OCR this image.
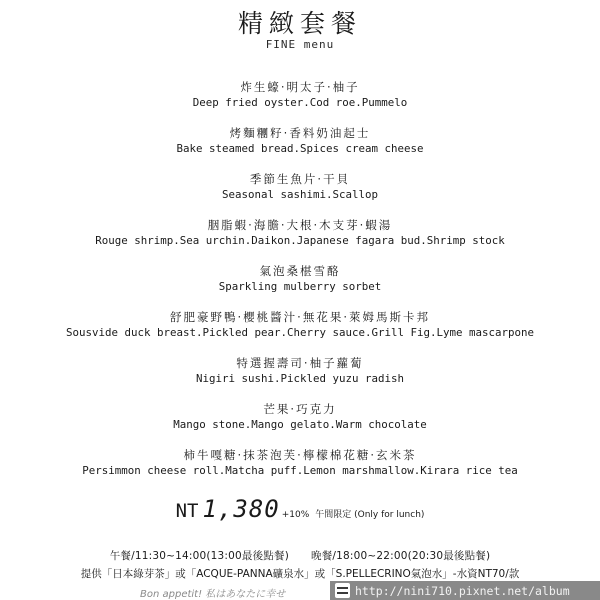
精緻套餐
FINE menu
炸生蠔·明太子·柚子
Deep fried oyster.Cod roe.Pummelo
烤麵糰籽·香料奶油起士
Bake steamed bread.Spices cream cheese
季節生魚片·干貝
Seasonal sashimi.Scallop
胭脂蝦·海膽·大根·木支芽·蝦湯
Rouge shrimp.Sea urchin.Daikon.Japanese fagara bud.Shrimp stock
氣泡桑椹雪酪
Sparkling mulberry sorbet
舒肥豪野鴨·櫻桃醬汁·無花果·萊姆馬斯卡邦
Sousvide duck breast.Pickled pear.Cherry sauce.Grill Fig.Lyme mascarpone
特選握壽司·柚子蘿蔔
Nigiri sushi.Pickled yuzu radish
芒果·巧克力
Mango stone.Mango gelato.Warm chocolate
柿牛嘎糖·抹茶泡芙·檸檬棉花糖·玄米茶
Persimmon cheese roll.Matcha puff.Lemon marshmallow.Kirara rice tea
NT 1,380 +10% 午間限定 (Only for lunch)
午餐/11:30~14:00(13:00最後點餐) 晚餐/18:00~22:00(20:30最後點餐)
提供「日本綠芽茶」或「ACQUE-PANNA礦泉水」或「S.PELLECRINO氣泡水」-水資NT70/款
Bon appetit! 私はあなたに幸せ	http://nini710.pixnet.net/album
